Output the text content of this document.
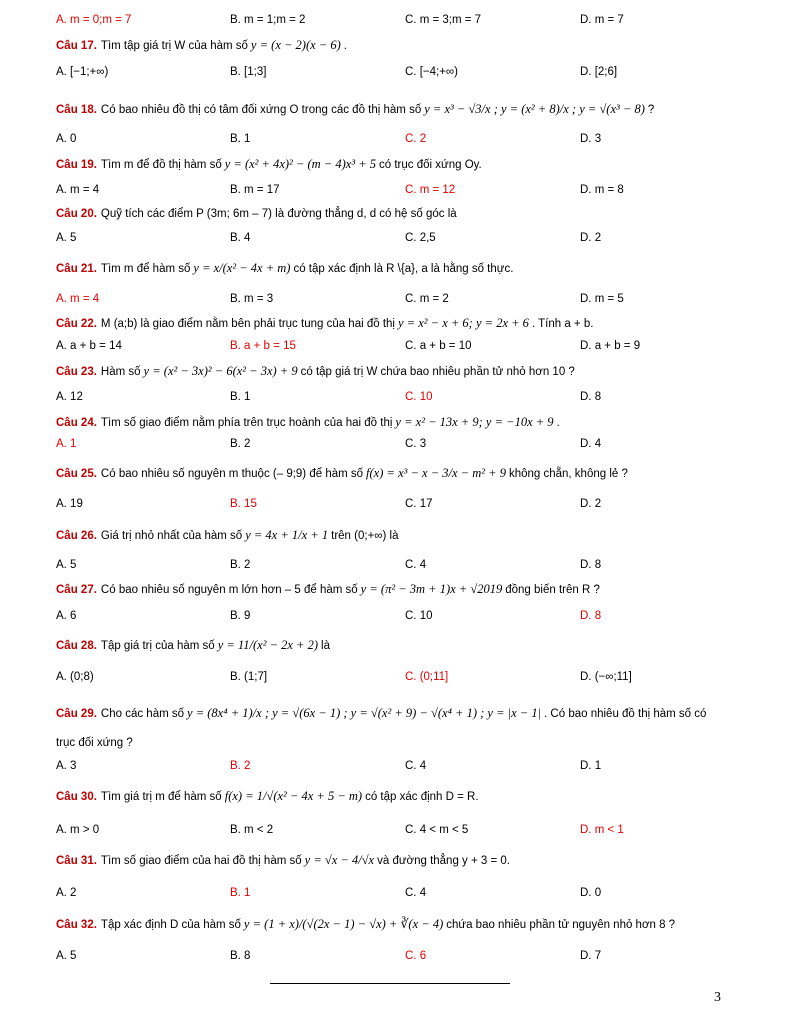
A. m = 0;m = 7	B. m = 1;m = 2	C. m = 3;m = 7	D. m = 7
Câu 17. Tìm tập giá trị W của hàm số y = (x − 2)(x − 6) .
A. [−1;+∞)	B. [1;3]	C. [−4;+∞)	D. [2;6]
Câu 18. Có bao nhiêu đồ thị có tâm đối xứng O trong các đồ thị hàm số y = x³ − √3/x ; y = (x² + 8)/x ; y = √(x³ − 8) ?
A. 0	B. 1	C. 2	D. 3
Câu 19. Tìm m để đồ thị hàm số y = (x² + 4x)² − (m − 4)x³ + 5 có trục đối xứng Oy.
A. m = 4	B. m = 17	C. m = 12	D. m = 8
Câu 20. Quỹ tích các điểm P (3m; 6m – 7) là đường thẳng d, d có hệ số góc là
A. 5	B. 4	C. 2,5	D. 2
Câu 21. Tìm m để hàm số y = x/(x² − 4x + m) có tập xác định là R \{a}, a là hằng số thực.
A. m = 4	B. m = 3	C. m = 2	D. m = 5
Câu 22. M (a;b) là giao điểm nằm bên phải trục tung của hai đồ thị y = x² − x + 6; y = 2x + 6 . Tính a + b.
A. a + b = 14	B. a + b = 15	C. a + b = 10	D. a + b = 9
Câu 23. Hàm số y = (x² − 3x)² − 6(x² − 3x) + 9 có tập giá trị W chứa bao nhiêu phần tử nhỏ hơn 10 ?
A. 12	B. 1	C. 10	D. 8
Câu 24. Tìm số giao điểm nằm phía trên trục hoành của hai đồ thị y = x² − 13x + 9; y = −10x + 9 .
A. 1	B. 2	C. 3	D. 4
Câu 25. Có bao nhiêu số nguyên m thuộc (– 9;9) để hàm số f(x) = x³ − x − 3/x − m² + 9 không chẵn, không lẻ ?
A. 19	B. 15	C. 17	D. 2
Câu 26. Giá trị nhỏ nhất của hàm số y = 4x + 1/x + 1 trên (0;+∞) là
A. 5	B. 2	C. 4	D. 8
Câu 27. Có bao nhiêu số nguyên m lớn hơn – 5 để hàm số y = (π² − 3m + 1)x + √2019 đồng biến trên R ?
A. 6	B. 9	C. 10	D. 8
Câu 28. Tập giá trị của hàm số y = 11/(x² − 2x + 2) là
A. (0;8)	B. (1;7]	C. (0;11]	D. (−∞;11]
Câu 29. Cho các hàm số y = (8x⁴ + 1)/x ; y = √(6x − 1) ; y = √(x² + 9) − √(x⁴ + 1) ; y = |x − 1| . Có bao nhiêu đồ thị hàm số có
trục đối xứng ?
A. 3	B. 2	C. 4	D. 1
Câu 30. Tìm giá trị m để hàm số f(x) = 1/√(x² − 4x + 5 − m) có tập xác định D = R.
A. m > 0	B. m < 2	C. 4 < m < 5	D. m < 1
Câu 31. Tìm số giao điểm của hai đồ thị hàm số y = √x − 4/√x và đường thẳng y + 3 = 0.
A. 2	B. 1	C. 4	D. 0
Câu 32. Tập xác định D của hàm số y = (1 + x)/(√(2x − 1) − √x) + ∛(x − 4) chứa bao nhiêu phần tử nguyên nhỏ hơn 8 ?
A. 5	B. 8	C. 6	D. 7
3
